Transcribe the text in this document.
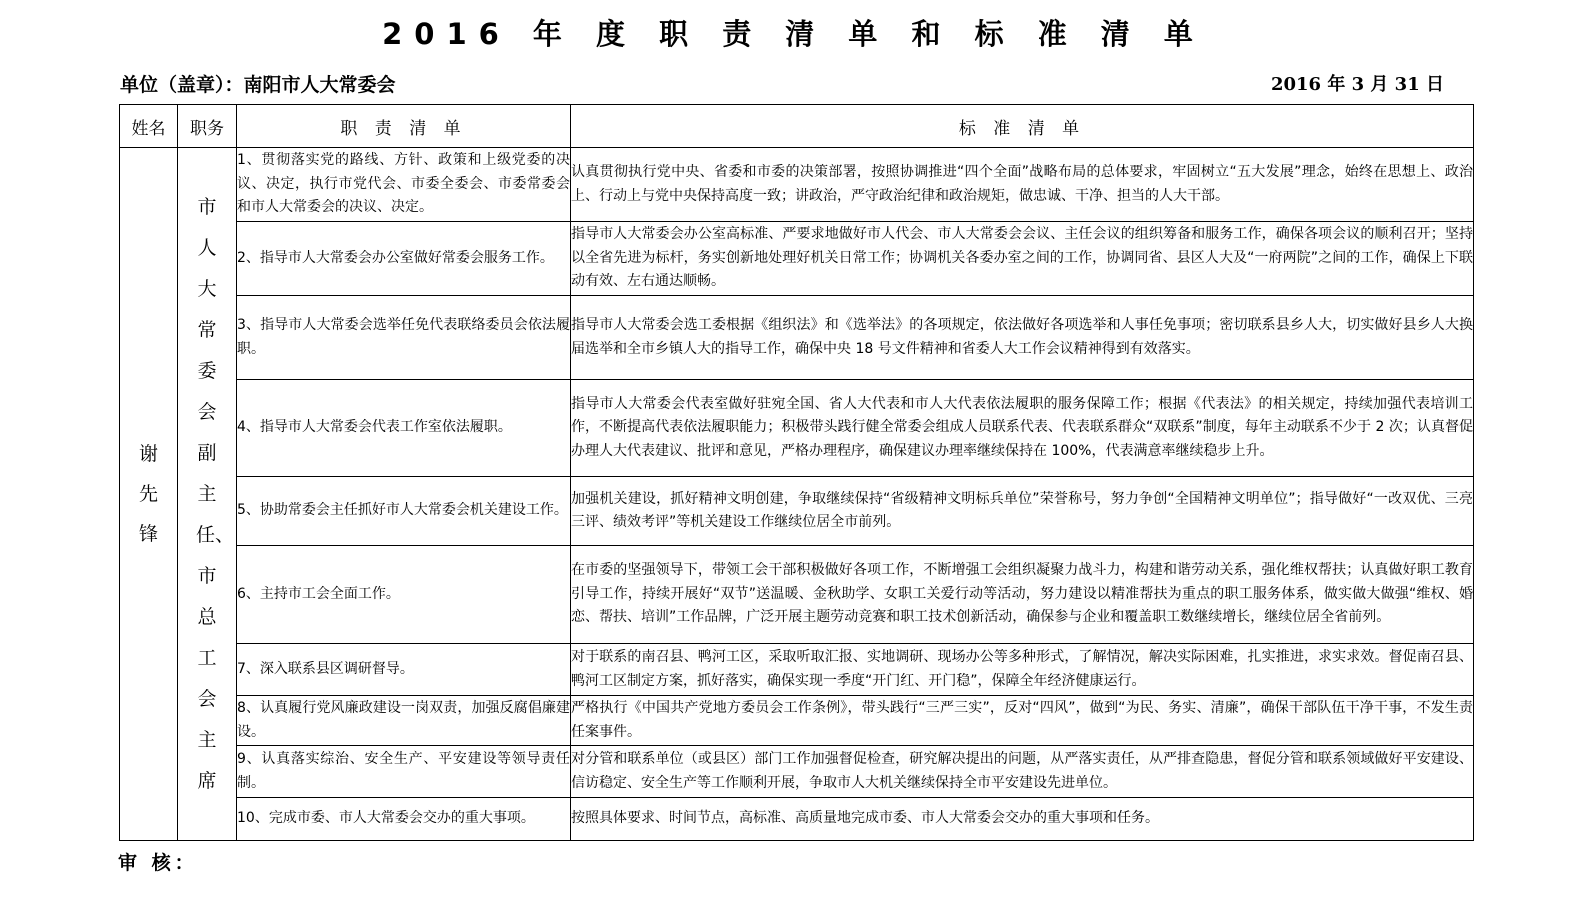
2016 年 度 职 责 清 单 和 标 准 清 单
单位（盖章）：南阳市人大常委会	2016 年 3 月 31 日
姓名	职务	职 责 清 单	标 准 清 单
谢先锋	市人大常委会副主任、市总工会主席	1、贯彻落实党的路线、方针、政策和上级党委的决议、决定，执行市党代会、市委全委会、市委常委会和市人大常委会的决议、决定。	认真贯彻执行党中央、省委和市委的决策部署，按照协调推进“四个全面”战略布局的总体要求，牢固树立“五大发展”理念，始终在思想上、政治上、行动上与党中央保持高度一致；讲政治，严守政治纪律和政治规矩，做忠诚、干净、担当的人大干部。
		2、指导市人大常委会办公室做好常委会服务工作。	指导市人大常委会办公室高标准、严要求地做好市人代会、市人大常委会会议、主任会议的组织筹备和服务工作，确保各项会议的顺利召开；坚持以全省先进为标杆，务实创新地处理好机关日常工作；协调机关各委办室之间的工作，协调同省、县区人大及“一府两院”之间的工作，确保上下联动有效、左右通达顺畅。
		3、指导市人大常委会选举任免代表联络委员会依法履职。	指导市人大常委会选工委根据《组织法》和《选举法》的各项规定，依法做好各项选举和人事任免事项；密切联系县乡人大，切实做好县乡人大换届选举和全市乡镇人大的指导工作，确保中央 18 号文件精神和省委人大工作会议精神得到有效落实。
		4、指导市人大常委会代表工作室依法履职。	指导市人大常委会代表室做好驻宛全国、省人大代表和市人大代表依法履职的服务保障工作；根据《代表法》的相关规定，持续加强代表培训工作，不断提高代表依法履职能力；积极带头践行健全常委会组成人员联系代表、代表联系群众“双联系”制度，每年主动联系不少于 2 次；认真督促办理人大代表建议、批评和意见，严格办理程序，确保建议办理率继续保持在 100%，代表满意率继续稳步上升。
		5、协助常委会主任抓好市人大常委会机关建设工作。	加强机关建设，抓好精神文明创建，争取继续保持“省级精神文明标兵单位”荣誉称号，努力争创“全国精神文明单位”；指导做好“一改双优、三亮三评、绩效考评”等机关建设工作继续位居全市前列。
		6、主持市工会全面工作。	在市委的坚强领导下，带领工会干部积极做好各项工作，不断增强工会组织凝聚力战斗力，构建和谐劳动关系，强化维权帮扶；认真做好职工教育引导工作，持续开展好“双节”送温暖、金秋助学、女职工关爱行动等活动，努力建设以精准帮扶为重点的职工服务体系，做实做大做强“维权、婚恋、帮扶、培训”工作品牌，广泛开展主题劳动竞赛和职工技术创新活动，确保参与企业和覆盖职工数继续增长，继续位居全省前列。
		7、深入联系县区调研督导。	对于联系的南召县、鸭河工区，采取听取汇报、实地调研、现场办公等多种形式，了解情况，解决实际困难，扎实推进，求实求效。督促南召县、鸭河工区制定方案，抓好落实，确保实现一季度“开门红、开门稳”，保障全年经济健康运行。
		8、认真履行党风廉政建设一岗双责，加强反腐倡廉建设。	严格执行《中国共产党地方委员会工作条例》，带头践行“三严三实”，反对“四风”，做到“为民、务实、清廉”，确保干部队伍干净干事，不发生责任案事件。
		9、认真落实综治、安全生产、平安建设等领导责任制。	对分管和联系单位（或县区）部门工作加强督促检查，研究解决提出的问题，从严落实责任，从严排查隐患，督促分管和联系领域做好平安建设、信访稳定、安全生产等工作顺利开展，争取市人大机关继续保持全市平安建设先进单位。
		10、完成市委、市人大常委会交办的重大事项。	按照具体要求、时间节点，高标准、高质量地完成市委、市人大常委会交办的重大事项和任务。
审 核：
